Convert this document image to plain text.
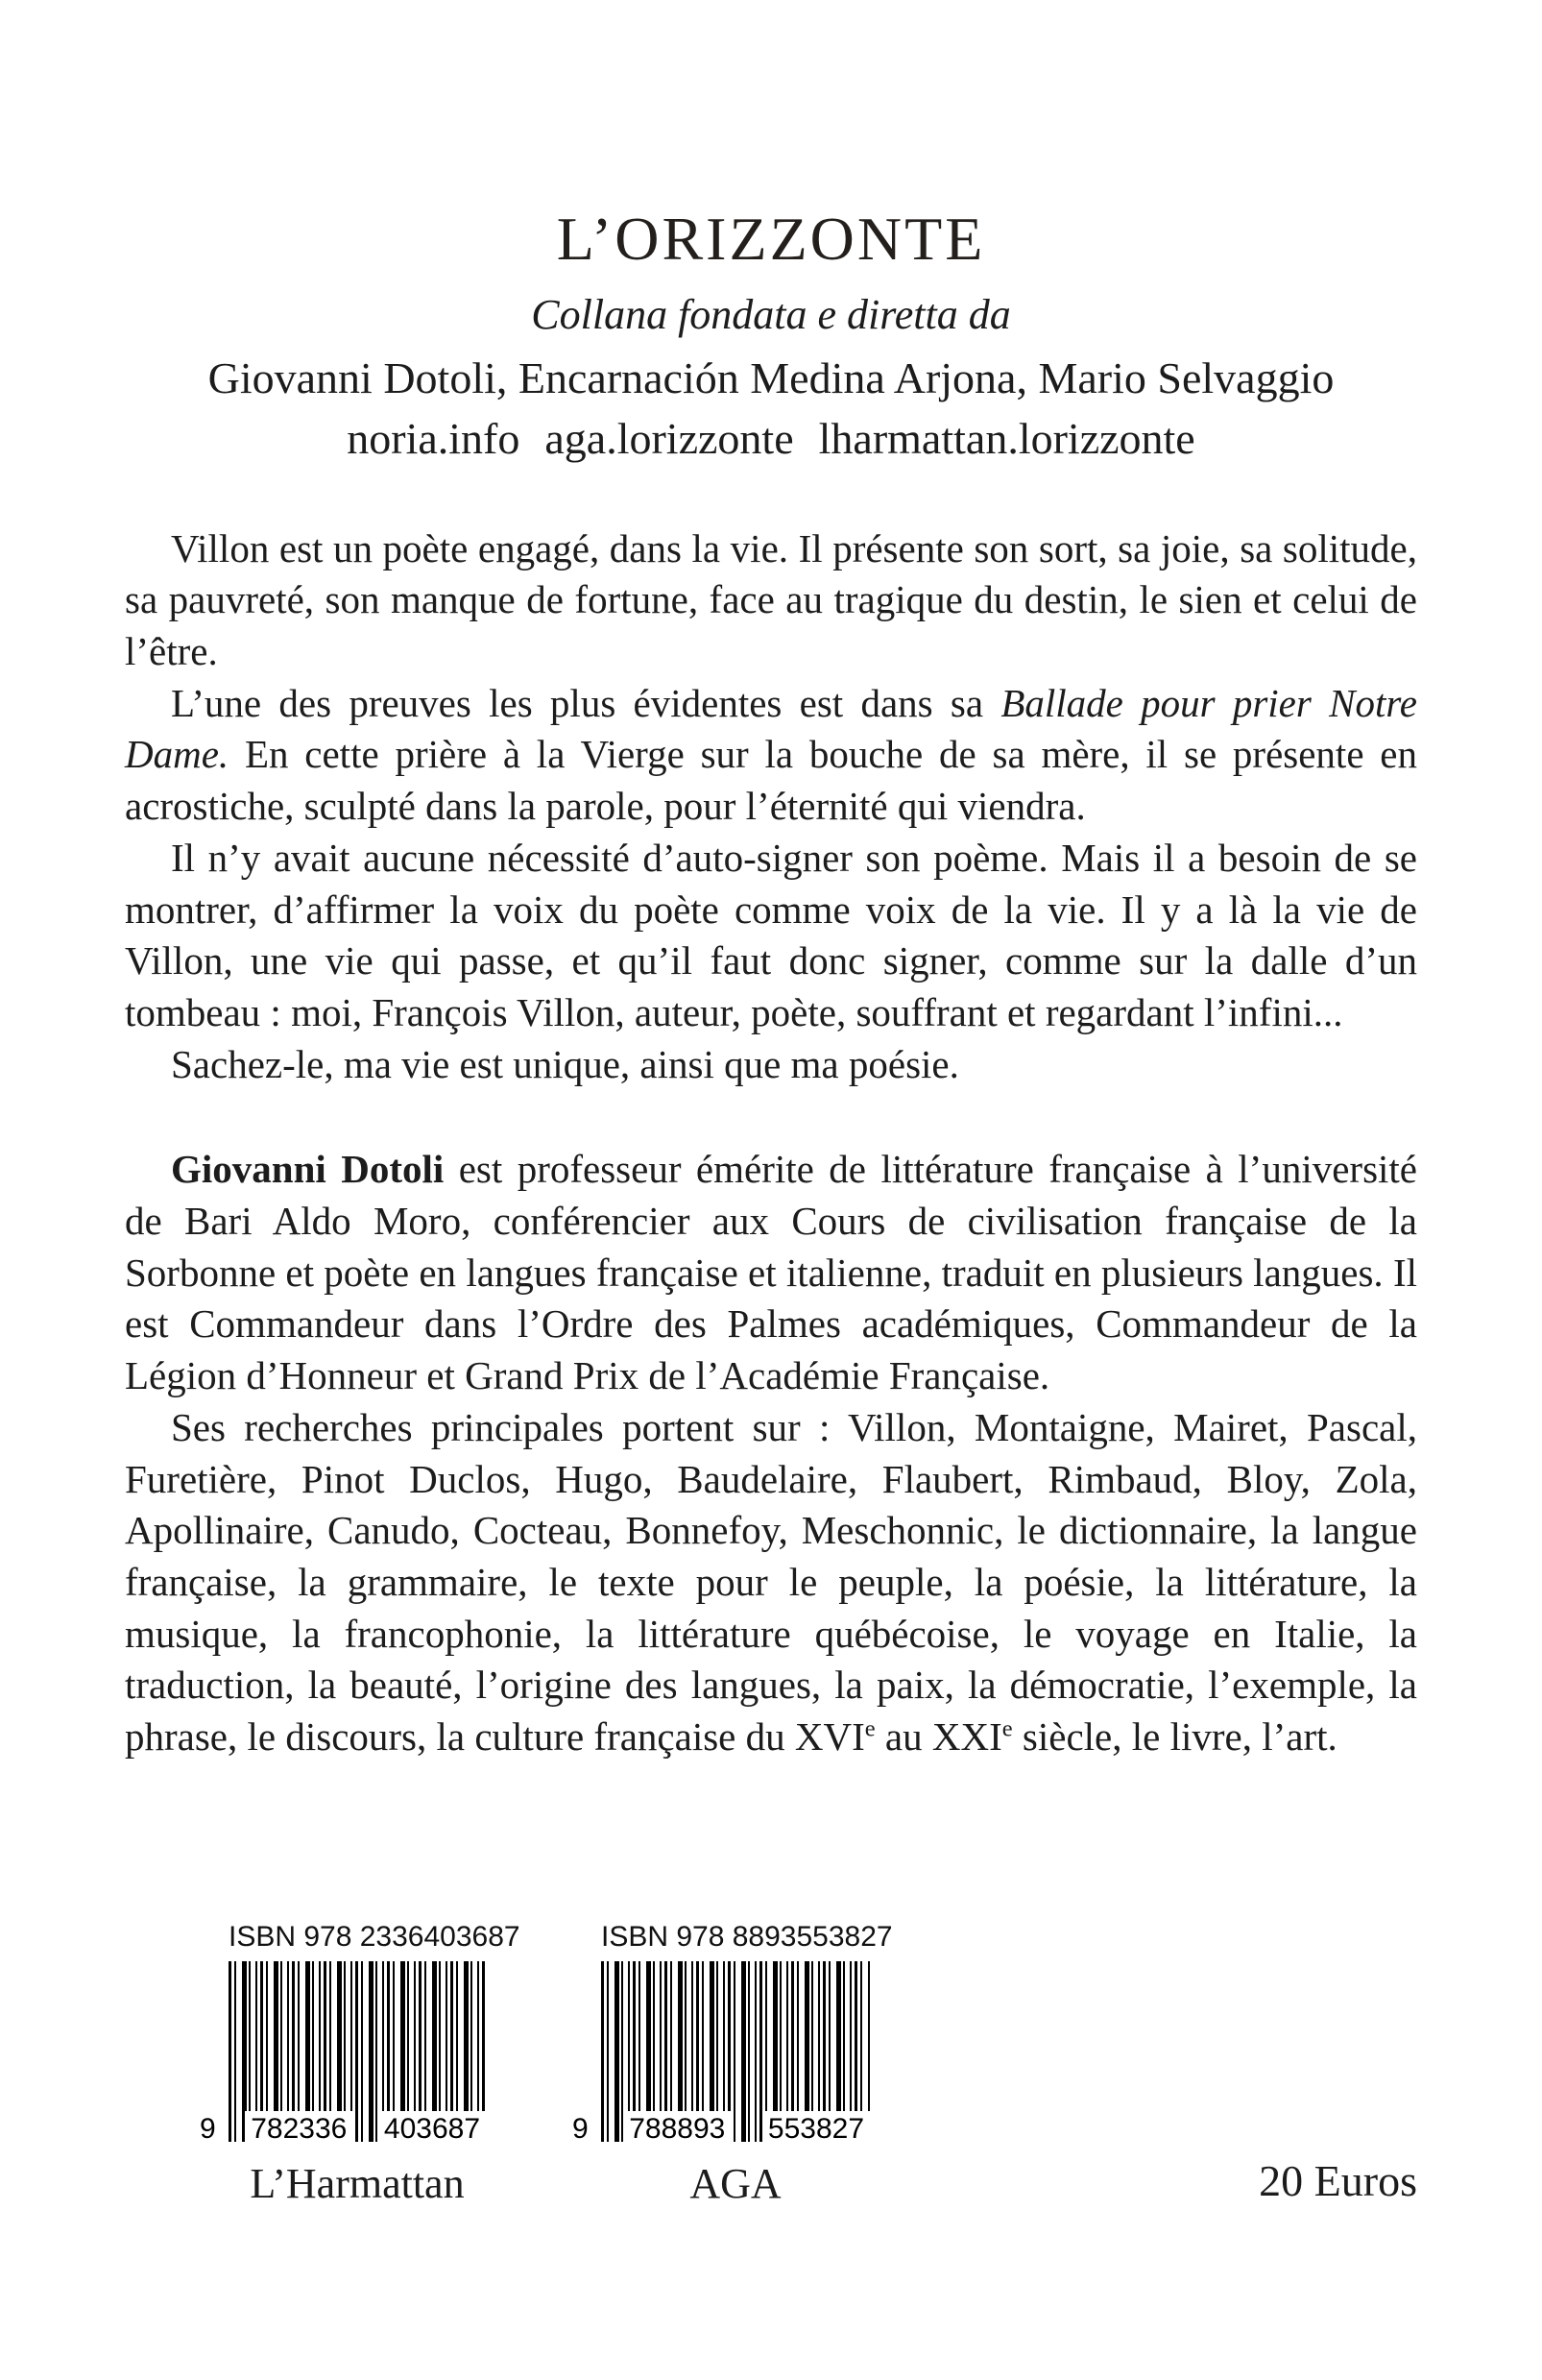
L’ORIZZONTE
Collana fondata e diretta da
Giovanni Dotoli, Encarnación Medina Arjona, Mario Selvaggio
noria.info aga.lorizzonte lharmattan.lorizzonte

Villon est un poète engagé, dans la vie. Il présente son sort, sa joie, sa solitude, sa pauvreté, son manque de fortune, face au tragique du destin, le sien et celui de l’être.

L’une des preuves les plus évidentes est dans sa Ballade pour prier Notre Dame. En cette prière à la Vierge sur la bouche de sa mère, il se présente en acrostiche, sculpté dans la parole, pour l’éternité qui viendra.

Il n’y avait aucune nécessité d’auto-signer son poème. Mais il a besoin de se montrer, d’affirmer la voix du poète comme voix de la vie. Il y a là la vie de Villon, une vie qui passe, et qu’il faut donc signer, comme sur la dalle d’un tombeau : moi, François Villon, auteur, poète, souffrant et regardant l’infini...

Sachez-le, ma vie est unique, ainsi que ma poésie.

Giovanni Dotoli est professeur émérite de littérature française à l’université de Bari Aldo Moro, conférencier aux Cours de civilisation française de la Sorbonne et poète en langues française et italienne, traduit en plusieurs langues. Il est Commandeur dans l’Ordre des Palmes académiques, Commandeur de la Légion d’Honneur et Grand Prix de l’Académie Française.

Ses recherches principales portent sur : Villon, Montaigne, Mairet, Pascal, Furetière, Pinot Duclos, Hugo, Baudelaire, Flaubert, Rimbaud, Bloy, Zola, Apollinaire, Canudo, Cocteau, Bonnefoy, Meschonnic, le dictionnaire, la langue française, la grammaire, le texte pour le peuple, la poésie, la littérature, la musique, la francophonie, la littérature québécoise, le voyage en Italie, la traduction, la beauté, l’origine des langues, la paix, la démocratie, l’exemple, la phrase, le discours, la culture française du XVIe au XXIe siècle, le livre, l’art.

ISBN 978 2336403687
9 782336 403687
L’Harmattan
ISBN 978 8893553827
9 788893 553827
AGA	20 Euros
